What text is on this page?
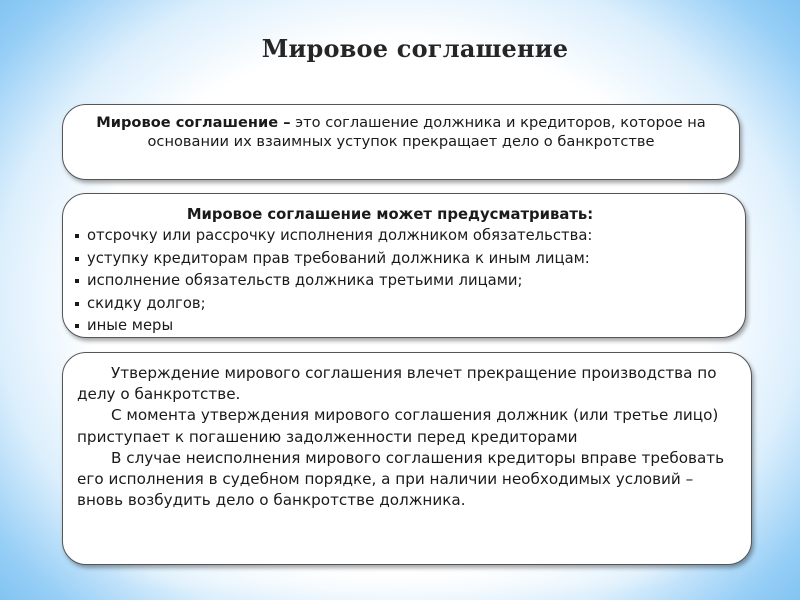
Мировое соглашение
Мировое соглашение – это соглашение должника и кредиторов, которое на основании их взаимных уступок прекращает дело о банкротстве
Мировое соглашение может предусматривать:
отсрочку или рассрочку исполнения должником обязательства:
уступку кредиторам прав требований должника к иным лицам:
исполнение обязательств должника третьими лицами;
скидку долгов;
иные меры

Утверждение мирового соглашения влечет прекращение производства по делу о банкротстве.

С момента утверждения мирового соглашения должник (или третье лицо) приступает к погашению задолженности перед кредиторами

В случае неисполнения мирового соглашения кредиторы вправе требовать его исполнения в судебном порядке, а при наличии необходимых условий – вновь возбудить дело о банкротстве должника.
